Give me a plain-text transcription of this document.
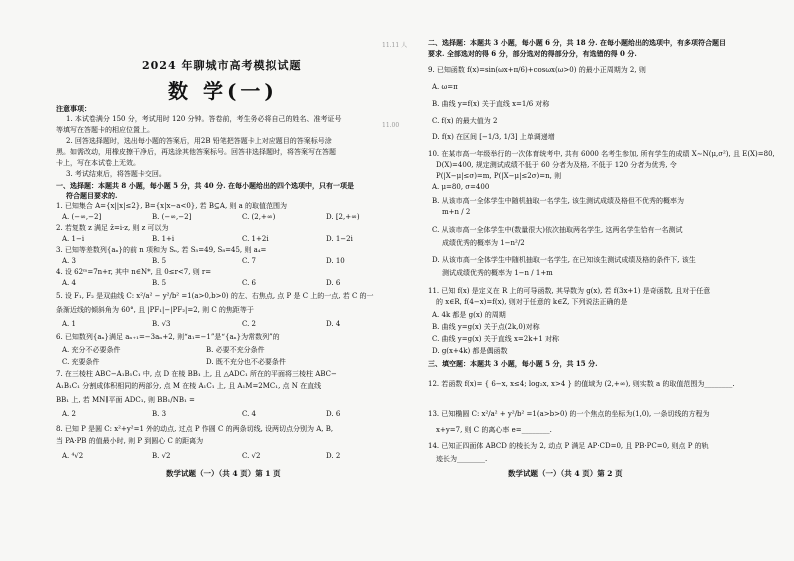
2024 年聊城市高考模拟试题
数 学(一)
注意事项：
1. 本试卷满分 150 分，考试用时 120 分钟。答卷前，考生务必将自己的姓名、准考证号
等填写在答题卡的相应位置上。
2. 回答选择题时，选出每小题的答案后，用2B 铅笔把答题卡上对应题目的答案标号涂
黑。如需改动，用橡皮擦干净后，再选涂其他答案标号。回答非选择题时，将答案写在答题
卡上，写在本试卷上无效。
3. 考试结束后，将答题卡交回。
一、选择题：本题共 8 小题，每小题 5 分，共 40 分. 在每小题给出的四个选项中，只有一项是
符合题目要求的.
1. 已知集合 A={x||x|≤2}, B={x|x−a<0}, 若 B⊆A, 则 a 的取值范围为
A. (−∞,−2]	B. (−∞,−2]	C. (2,+∞)	D. [2,+∞)
2. 若复数 z 满足 z̄=i·z, 则 z 可以为
A. 1−i	B. 1+i	C. 1+2i	D. 1−2i
3. 已知等差数列{aₙ}的前 n 项和为 Sₙ, 若 S₅=49, S₈=45, 则 a₄=
A. 3	B. 5	C. 7	D. 10
4. 设 62ᵐ=7n+r, 其中 n∈N*, 且 0≤r<7, 则 r=
A. 4	B. 5	C. 6	D. 6
5. 设 F₁, F₂ 是双曲线 C: x²/a² − y²/b² =1(a>0,b>0) 的左、右焦点, 点 P 是 C 上的一点, 若 C 的一
条渐近线的倾斜角为 60°, 且 |PF₁|−|PF₂|=2, 则 C 的焦距等于
A. 1	B. √3	C. 2	D. 4
6. 已知数列{aₙ}满足 aₙ₊₁=−3aₙ+2, 则“a₁=−1”是“{aₙ}为常数列”的
A. 充分不必要条件	B. 必要不充分条件
C. 充要条件	D. 既不充分也不必要条件
7. 在三棱柱 ABC−A₁B₁C₁ 中, 点 D 在棱 BB₁ 上, 且 △ADC₁ 所在的平面将三棱柱 ABC−
A₁B₁C₁ 分割成体积相同的两部分, 点 M 在棱 A₁C₁ 上, 且 A₁M=2MC₁, 点 N 在直线
BB₁ 上, 若 MN∥平面 ADC₁, 则 BB₁/NB₁ =
A. 2	B. 3	C. 4	D. 6
8. 已知 P 是圆 C: x²+y²=1 外的动点, 过点 P 作圆 C 的两条切线, 设两切点分别为 A, B,
当 PA·PB 的值最小时, 则 P 到圆心 C 的距离为
A. ⁴√2	B. √2	C. √2	D. 2
数学试题（一）（共 4 页）第 1 页
二、选择题：本题共 3 小题，每小题 6 分，共 18 分. 在每小题给出的选项中，有多项符合题目
要求. 全部选对的得 6 分，部分选对的得部分分，有选错的得 0 分.
9. 已知函数 f(x)=sin(ωx+π/6)+cosωx(ω>0) 的最小正周期为 2, 则
A. ω=π
B. 曲线 y=f(x) 关于直线 x=1/6 对称
C. f(x) 的最大值为 2
D. f(x) 在区间 [−1/3, 1/3] 上单调递增
10. 在某市高一年级举行的一次体育统考中, 共有 6000 名考生参加, 所有学生的成绩 X∼N(μ,σ²), 且 E(X)=80,
D(X)=400, 规定测试成绩不低于 60 分者为及格, 不低于 120 分者为优秀, 令
P(|X−μ|≤σ)=m, P(|X−μ|≤2σ)=n, 则
A. μ=80, σ=400
B. 从该市高一全体学生中随机抽取一名学生, 该生测试成绩及格但不优秀的概率为
m+n / 2
C. 从该市高一全体学生中(数量很大)依次抽取两名学生, 这两名学生恰有一名测试
成绩优秀的概率为 1−n²/2
D. 从该市高一全体学生中随机抽取一名学生, 在已知该生测试成绩及格的条件下, 该生
测试成绩优秀的概率为 1−n / 1+m
11. 已知 f(x) 是定义在 R 上的可导函数, 其导数为 g(x), 若 f(3x+1) 是奇函数, 且对于任意
的 x∈R, f(4−x)=f(x), 则对于任意的 k∈Z, 下列说法正确的是
A. 4k 都是 g(x) 的周期
B. 曲线 y=g(x) 关于点(2k,0)对称
C. 曲线 y=g(x) 关于直线 x=2k+1 对称
D. g(x+4k) 都是偶函数
三、填空题：本题共 3 小题，每小题 5 分，共 15 分.
12. 若函数 f(x)= { 6−x, x≤4; log₂x, x>4 } 的值域为 (2,+∞), 则实数 a 的取值范围为________.
13. 已知椭圆 C: x²/a² + y²/b² =1(a>b>0) 的一个焦点的坐标为(1,0), 一条切线的方程为
x+y=7, 则 C 的离心率 e=________.
14. 已知正四面体 ABCD 的棱长为 2, 动点 P 满足 AP·CD=0, 且 PB·PC=0, 则点 P 的轨
迹长为________.
数学试题（一）（共 4 页）第 2 页
11.11 人
11.00
